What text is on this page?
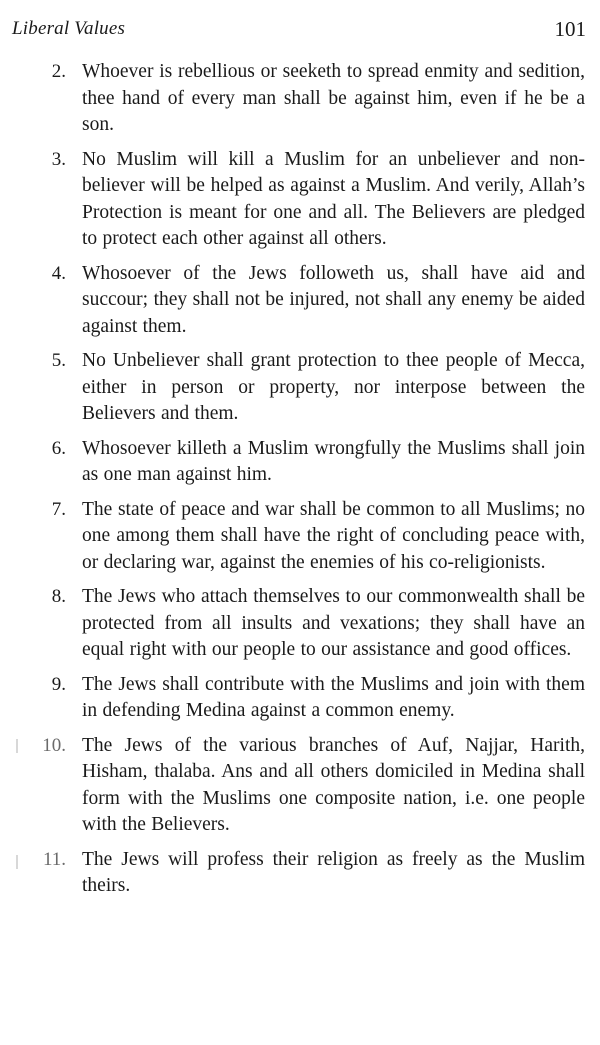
Liberal Values	101
2. Whoever is rebellious or seeketh to spread enmity and sedition, thee hand of every man shall be against him, even if he be a son.
3. No Muslim will kill a Muslim for an unbeliever and non-believer will be helped as against a Muslim. And verily, Allah’s Protection is meant for one and all. The Believers are pledged to protect each other against all others.
4. Whosoever of the Jews followeth us, shall have aid and succour; they shall not be injured, not shall any enemy be aided against them.
5. No Unbeliever shall grant protection to thee people of Mecca, either in person or property, nor interpose between the Believers and them.
6. Whosoever killeth a Muslim wrongfully the Muslims shall join as one man against him.
7. The state of peace and war shall be common to all Muslims; no one among them shall have the right of concluding peace with, or declaring war, against the enemies of his co-religionists.
8. The Jews who attach themselves to our commonwealth shall be protected from all insults and vexations; they shall have an equal right with our people to our assistance and good offices.
9. The Jews shall contribute with the Muslims and join with them in defending Medina against a common enemy.
10. The Jews of the various branches of Auf, Najjar, Harith, Hisham, thalaba. Ans and all others domiciled in Medina shall form with the Muslims one composite nation, i.e. one people with the Believers.
11. The Jews will profess their religion as freely as the Muslim theirs.
